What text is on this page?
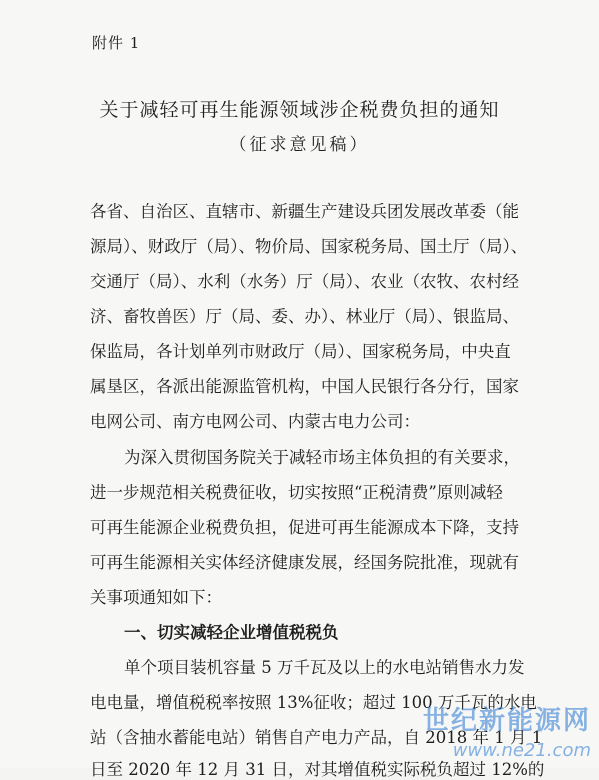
附件 1
关于减轻可再生能源领域涉企税费负担的通知
（征求意见稿）
各省、自治区、直辖市、新疆生产建设兵团发展改革委（能
源局）、财政厅（局）、物价局、国家税务局、国土厅（局）、
交通厅（局）、水利（水务）厅（局）、农业（农牧、农村经
济、畜牧兽医）厅（局、委、办）、林业厅（局）、银监局、
保监局，各计划单列市财政厅（局）、国家税务局，中央直
属垦区，各派出能源监管机构，中国人民银行各分行，国家
电网公司、南方电网公司、内蒙古电力公司：
为深入贯彻国务院关于减轻市场主体负担的有关要求，
进一步规范相关税费征收，切实按照“正税清费”原则减轻
可再生能源企业税费负担，促进可再生能源成本下降，支持
可再生能源相关实体经济健康发展，经国务院批准，现就有
关事项通知如下：
一、切实减轻企业增值税税负
单个项目装机容量 5 万千瓦及以上的水电站销售水力发
电电量，增值税税率按照 13%征收；超过 100 万千瓦的水电
站（含抽水蓄能电站）销售自产电力产品，自 2018 年 1 月 1
日至 2020 年 12 月 31 日，对其增值税实际税负超过 12%的
世纪新能源网
www.ne21.com
